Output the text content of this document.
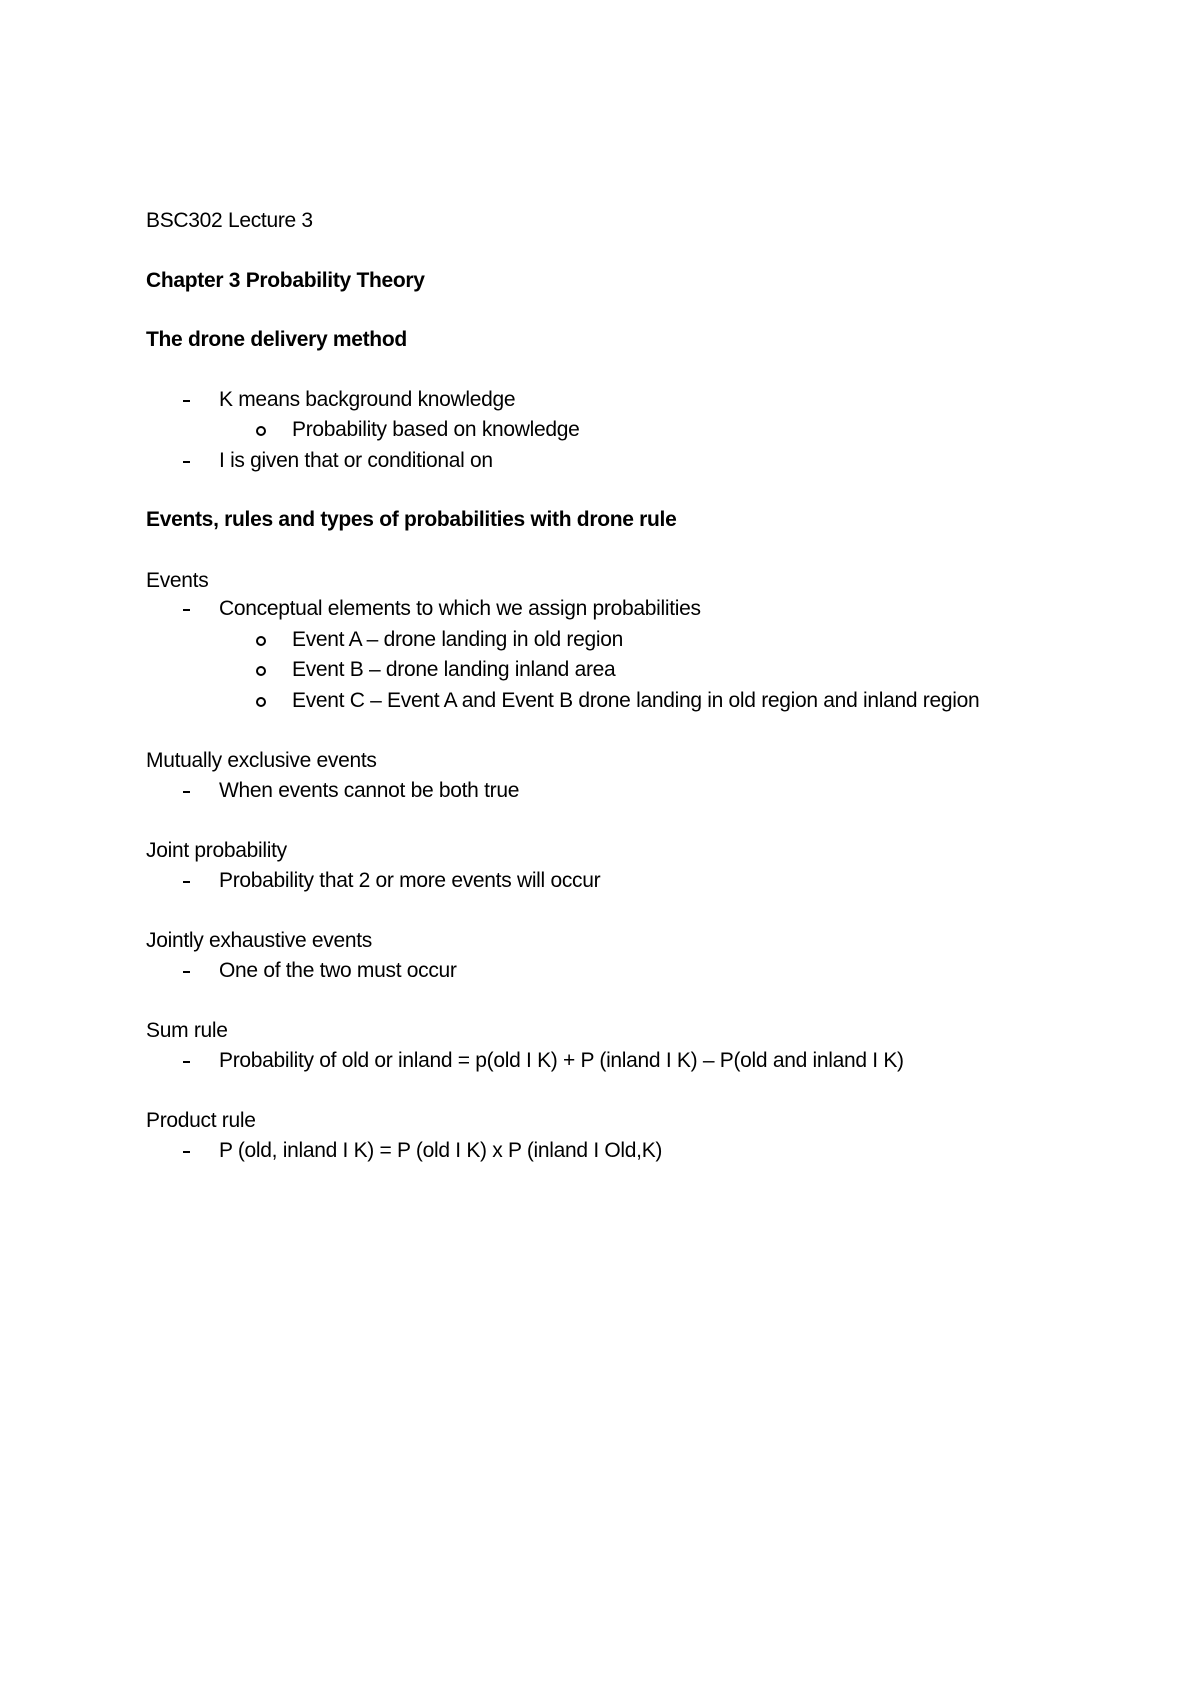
BSC302 Lecture 3
Chapter 3 Probability Theory
The drone delivery method
K means background knowledge
Probability based on knowledge
I is given that or conditional on
Events, rules and types of probabilities with drone rule
Events
Conceptual elements to which we assign probabilities
Event A – drone landing in old region
Event B – drone landing inland area
Event C – Event A and Event B drone landing in old region and inland region
Mutually exclusive events
When events cannot be both true
Joint probability
Probability that 2 or more events will occur
Jointly exhaustive events
One of the two must occur
Sum rule
Probability of old or inland = p(old I K) + P (inland I K) – P(old and inland I K)
Product rule
P (old, inland I K) = P (old I K) x P (inland I Old,K)
